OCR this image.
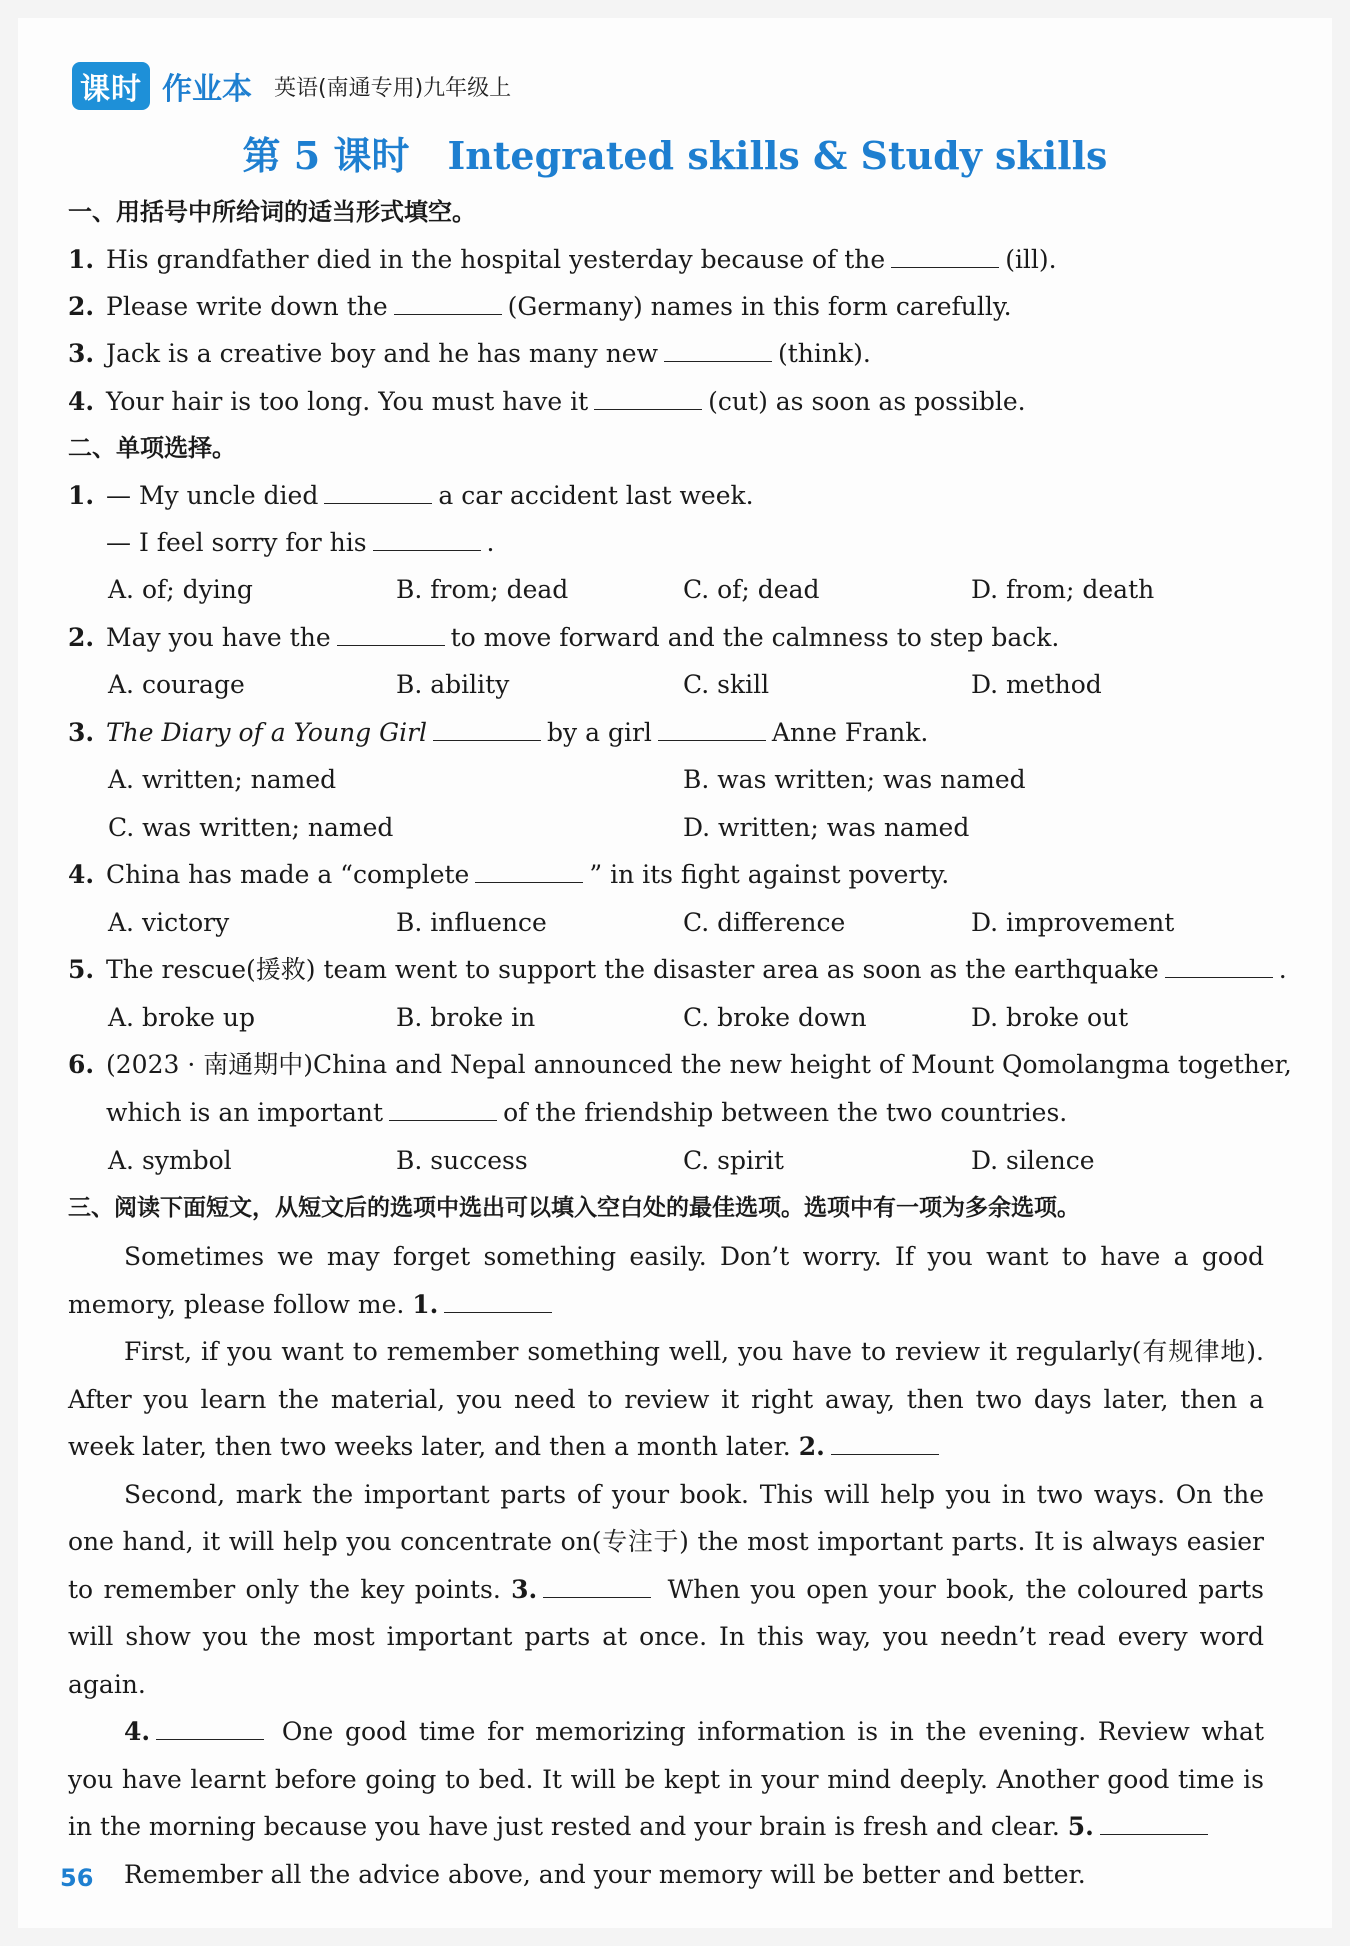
课时 作业本 英语(南通专用)九年级上
第 5 课时　Integrated skills & Study skills
一、用括号中所给词的适当形式填空。
1. His grandfather died in the hospital yesterday because of the	(ill).
2. Please write down the	(Germany) names in this form carefully.
3. Jack is a creative boy and he has many new	(think).
4. Your hair is too long. You must have it	(cut) as soon as possible.
二、单项选择。
1. — My uncle died	a car accident last week.
— I feel sorry for his	.
A. of; dying	B. from; dead	C. of; dead	D. from; death
2. May you have the	to move forward and the calmness to step back.
A. courage	B. ability	C. skill	D. method
3. The Diary of a Young Girl	by a girl	Anne Frank.
A. written; named	B. was written; was named
C. was written; named	D. written; was named
4. China has made a “complete	” in its fight against poverty.
A. victory	B. influence	C. difference	D. improvement
5. The rescue(援救) team went to support the disaster area as soon as the earthquake	.
A. broke up	B. broke in	C. broke down	D. broke out
6. (2023 · 南通期中)China and Nepal announced the new height of Mount Qomolangma together,
which is an important	of the friendship between the two countries.
A. symbol	B. success	C. spirit	D. silence
三、阅读下面短文，从短文后的选项中选出可以填入空白处的最佳选项。选项中有一项为多余选项。
Sometimes we may forget something easily. Don’t worry. If you want to have a good memory, please follow me. 1.
First, if you want to remember something well, you have to review it regularly(有规律地). After you learn the material, you need to review it right away, then two days later, then a week later, then two weeks later, and then a month later. 2.
Second, mark the important parts of your book. This will help you in two ways. On the one hand, it will help you concentrate on(专注于) the most important parts. It is always easier to remember only the key points. 3.	When you open your book, the coloured parts will show you the most important parts at once. In this way, you needn’t read every word again.
4.	One good time for memorizing information is in the evening. Review what you have learnt before going to bed. It will be kept in your mind deeply. Another good time is in the morning because you have just rested and your brain is fresh and clear. 5.
Remember all the advice above, and your memory will be better and better.
56
